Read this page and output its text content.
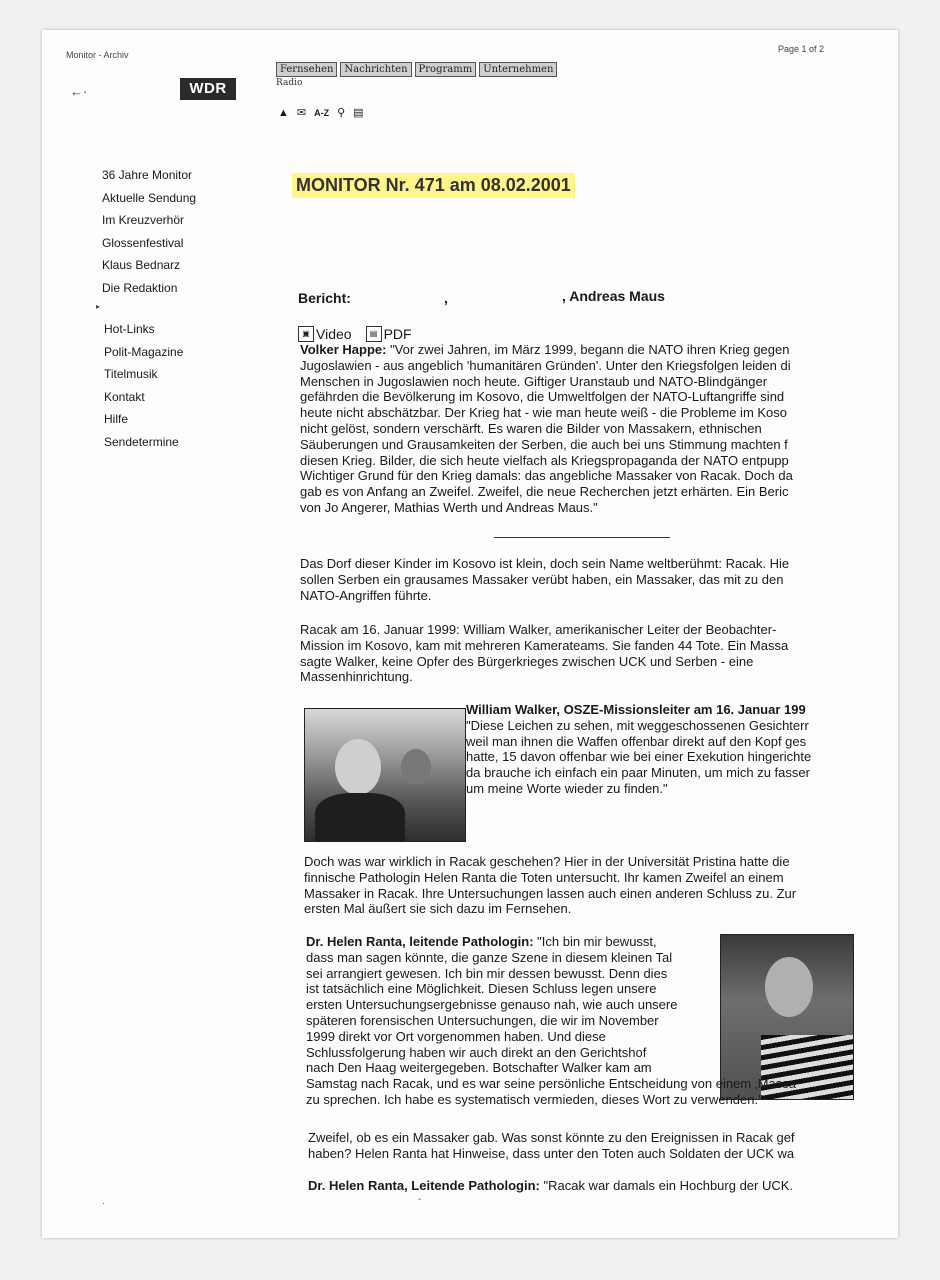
Monitor - Archiv
Page 1 of 2
←·	WDR
Fernsehen	Nachrichten	Programm	Unternehmen
Radio
▲ ✉ A-Z ⚲ ▤
36 Jahre Monitor
Aktuelle Sendung
Im Kreuzverhör
Glossenfestival
Klaus Bednarz
Die Redaktion
▸
Hot-Links
Polit-Magazine
Titelmusik
Kontakt
Hilfe
Sendetermine
MONITOR Nr. 471 am 08.02.2001
Bericht:	,	, Andreas Maus
▣ Video	▤ PDF
Volker Happe: "Vor zwei Jahren, im März 1999, begann die NATO ihren Krieg gegen
Jugoslawien - aus angeblich 'humanitären Gründen'. Unter den Kriegsfolgen leiden di
Menschen in Jugoslawien noch heute. Giftiger Uranstaub und NATO-Blindgänger
gefährden die Bevölkerung im Kosovo, die Umweltfolgen der NATO-Luftangriffe sind
heute nicht abschätzbar. Der Krieg hat - wie man heute weiß - die Probleme im Koso
nicht gelöst, sondern verschärft. Es waren die Bilder von Massakern, ethnischen
Säuberungen und Grausamkeiten der Serben, die auch bei uns Stimmung machten f
diesen Krieg. Bilder, die sich heute vielfach als Kriegspropaganda der NATO entpupp
Wichtiger Grund für den Krieg damals: das angebliche Massaker von Racak. Doch da
gab es von Anfang an Zweifel. Zweifel, die neue Recherchen jetzt erhärten. Ein Beric
von Jo Angerer, Mathias Werth und Andreas Maus."
Das Dorf dieser Kinder im Kosovo ist klein, doch sein Name weltberühmt: Racak. Hie
sollen Serben ein grausames Massaker verübt haben, ein Massaker, das mit zu den
NATO-Angriffen führte.
Racak am 16. Januar 1999: William Walker, amerikanischer Leiter der Beobachter-
Mission im Kosovo, kam mit mehreren Kamerateams. Sie fanden 44 Tote. Ein Massa
sagte Walker, keine Opfer des Bürgerkrieges zwischen UCK und Serben - eine
Massenhinrichtung.
William Walker, OSZE-Missionsleiter am 16. Januar 199
"Diese Leichen zu sehen, mit weggeschossenen Gesichterr
weil man ihnen die Waffen offenbar direkt auf den Kopf ges
hatte, 15 davon offenbar wie bei einer Exekution hingerichte
da brauche ich einfach ein paar Minuten, um mich zu fasser
um meine Worte wieder zu finden."
Doch was war wirklich in Racak geschehen? Hier in der Universität Pristina hatte die
finnische Pathologin Helen Ranta die Toten untersucht. Ihr kamen Zweifel an einem
Massaker in Racak. Ihre Untersuchungen lassen auch einen anderen Schluss zu. Zur
ersten Mal äußert sie sich dazu im Fernsehen.
Dr. Helen Ranta, leitende Pathologin: "Ich bin mir bewusst,
dass man sagen könnte, die ganze Szene in diesem kleinen Tal
sei arrangiert gewesen. Ich bin mir dessen bewusst. Denn dies
ist tatsächlich eine Möglichkeit. Diesen Schluss legen unsere
ersten Untersuchungsergebnisse genauso nah, wie auch unsere
späteren forensischen Untersuchungen, die wir im November
1999 direkt vor Ort vorgenommen haben. Und diese
Schlussfolgerung haben wir auch direkt an den Gerichtshof
nach Den Haag weitergegeben. Botschafter Walker kam am
Samstag nach Racak, und es war seine persönliche Entscheidung von einem ‚Massa
zu sprechen. Ich habe es systematisch vermieden, dieses Wort zu verwenden."
Zweifel, ob es ein Massaker gab. Was sonst könnte zu den Ereignissen in Racak gef
haben? Helen Ranta hat Hinweise, dass unter den Toten auch Soldaten der UCK wa
Dr. Helen Ranta, Leitende Pathologin: "Racak war damals ein Hochburg der UCK.
·	-
